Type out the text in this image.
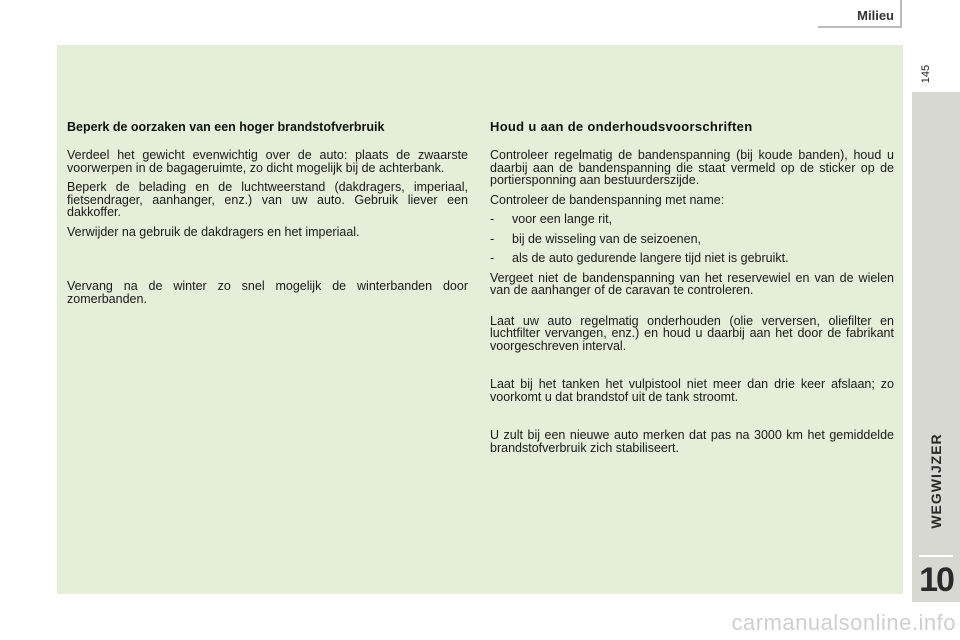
Milieu
145
WEGWIJZER
10
Beperk de oorzaken van een hoger brandstofverbruik

Verdeel het gewicht evenwichtig over de auto: plaats de zwaarste voorwerpen in de bagageruimte, zo dicht mogelijk bij de achterbank.

Beperk de belading en de luchtweerstand (dakdragers, imperiaal, fietsendrager, aanhanger, enz.) van uw auto. Gebruik liever een dakkoffer.

Verwijder na gebruik de dakdragers en het imperiaal.

Vervang na de winter zo snel mogelijk de winterbanden door zomerbanden.

Houd u aan de onderhoudsvoorschriften

Controleer regelmatig de bandenspanning (bij koude banden), houd u daarbij aan de bandenspanning die staat vermeld op de sticker op de portiersponning aan bestuurderszijde.

Controleer de bandenspanning met name:

- voor een lange rit,
- bij de wisseling van de seizoenen,
- als de auto gedurende langere tijd niet is gebruikt.

Vergeet niet de bandenspanning van het reservewiel en van de wielen van de aanhanger of de caravan te controleren.

Laat uw auto regelmatig onderhouden (olie verversen, oliefilter en luchtfilter vervangen, enz.) en houd u daarbij aan het door de fabrikant voorgeschreven interval.

Laat bij het tanken het vulpistool niet meer dan drie keer afslaan; zo voorkomt u dat brandstof uit de tank stroomt.

U zult bij een nieuwe auto merken dat pas na 3000 km het gemiddelde brandstofverbruik zich stabiliseert.

carmanualsonline.info
